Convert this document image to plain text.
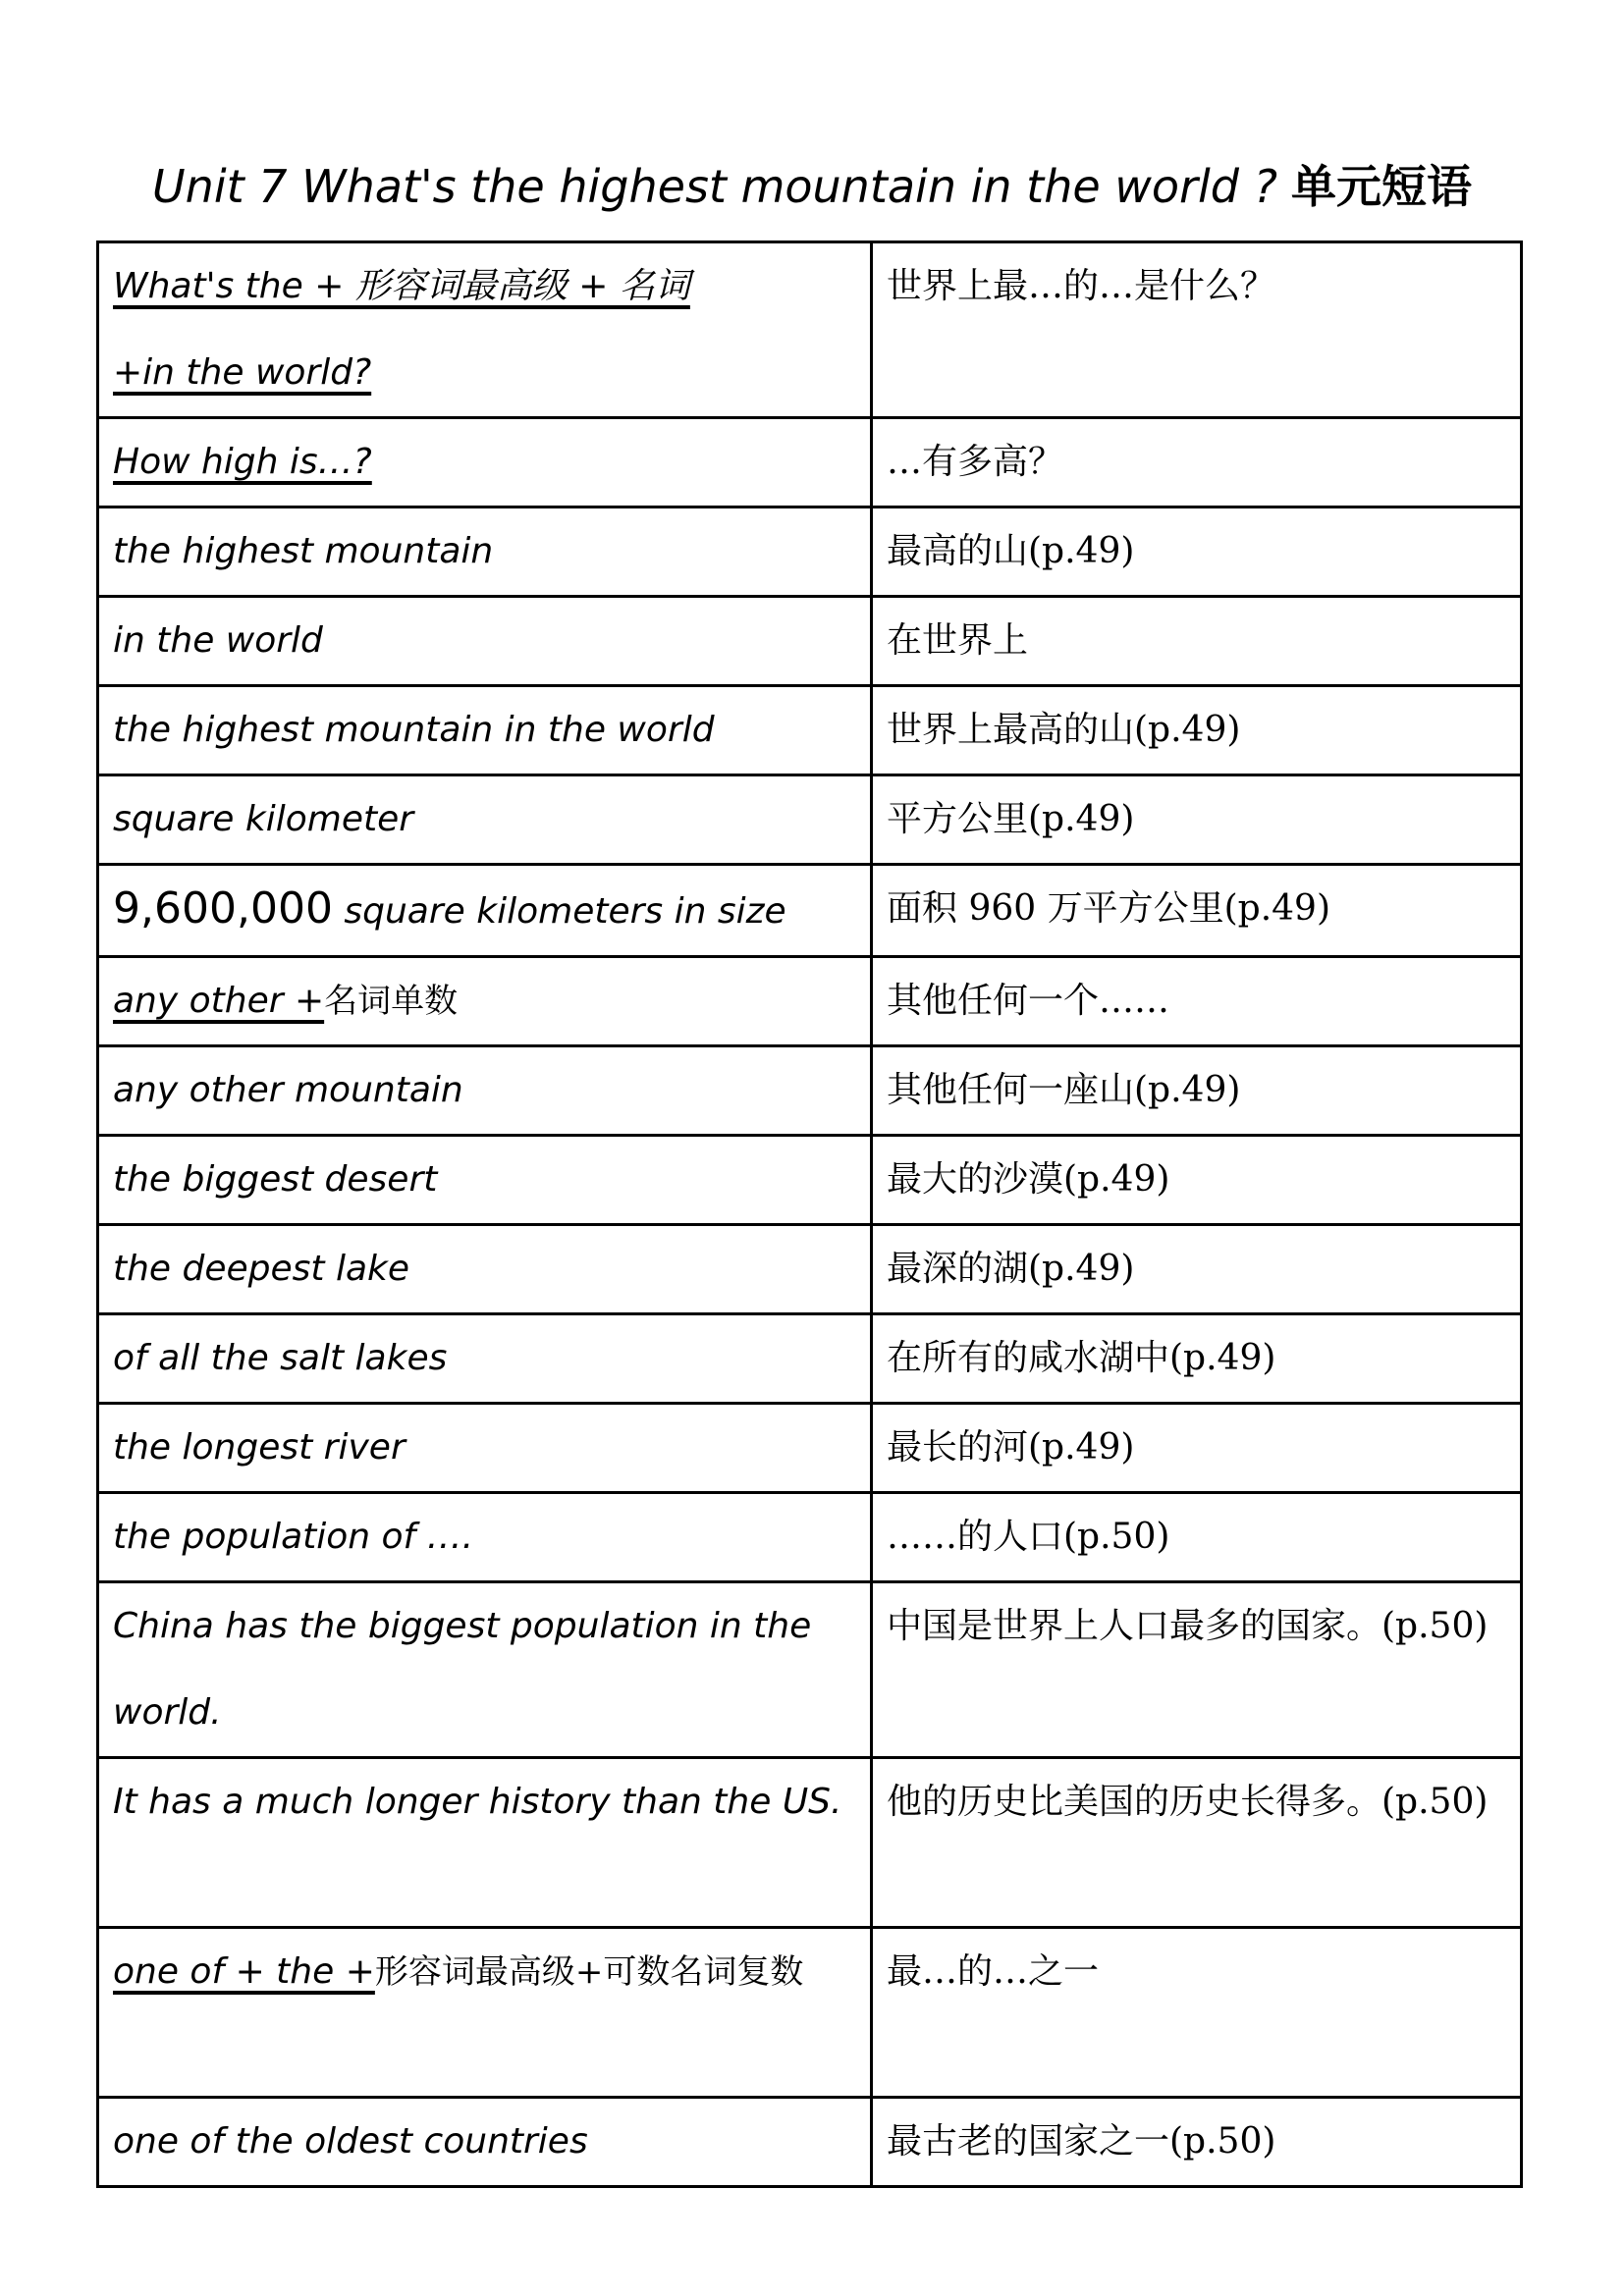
Unit 7 What's the highest mountain in the world ? 单元短语
What's the + 形容词最高级 + 名词
+in the world?	世界上最…的…是什么？
How high is…?	…有多高？
the highest mountain	最高的山(p.49)
in the world	在世界上
the highest mountain in the world	世界上最高的山(p.49)
square kilometer	平方公里(p.49)
9,600,000 square kilometers in size	面积 960 万平方公里(p.49)
any other +名词单数	其他任何一个……
any other mountain	其他任何一座山(p.49)
the biggest desert	最大的沙漠(p.49)
the deepest lake	最深的湖(p.49)
of all the salt lakes	在所有的咸水湖中(p.49)
the longest river	最长的河(p.49)
the population of ….	……的人口(p.50)
China has the biggest population in the world.	中国是世界上人口最多的国家。(p.50)
It has a much longer history than the US.	他的历史比美国的历史长得多。(p.50)
one of + the +形容词最高级+可数名词复数	最…的…之一
one of the oldest countries	最古老的国家之一(p.50)
